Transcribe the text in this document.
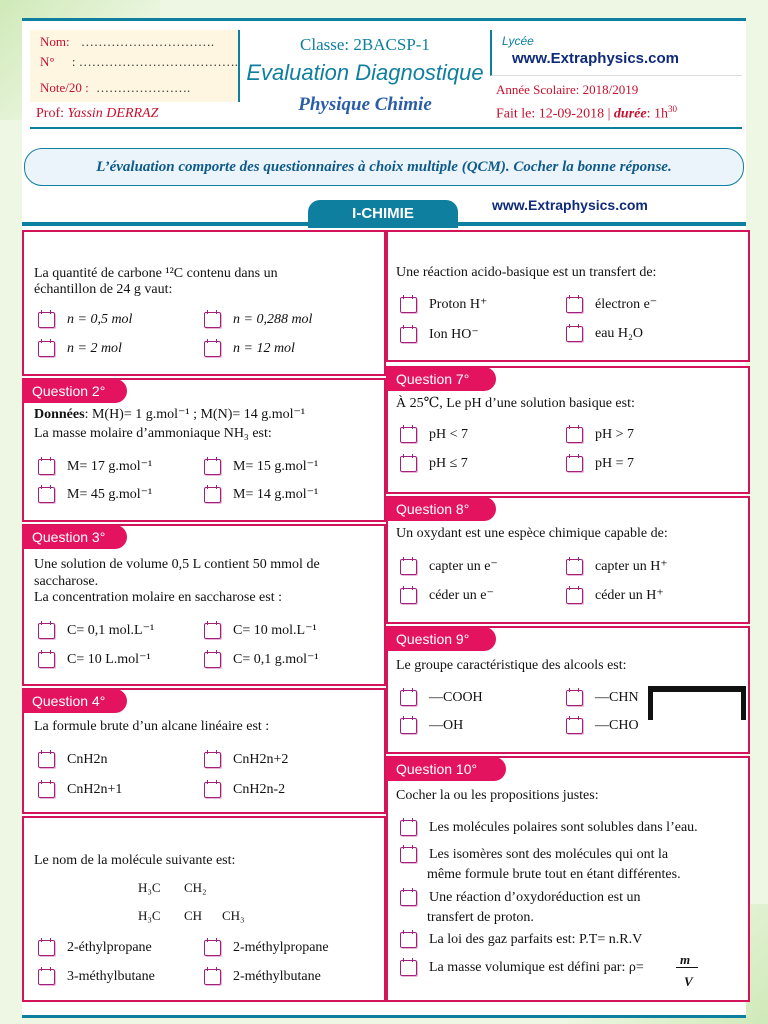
Nom: ………………………….
N° : ……………………………….
Note/20 : ………………….
Prof: Yassin DERRAZ
Classe: 2BACSP-1
Evaluation Diagnostique
Physique Chimie
Lycée
www.Extraphysics.com
Année Scolaire: 2018/2019
Fait le: 12-09-2018 | durée: $1h^{30}$
L’évaluation comporte des questionnaires à choix multiple (QCM). Cocher la bonne réponse.
I-CHIMIE	www.Extraphysics.com
La quantité de carbone ¹²C contenu dans un
échantillon de 24 g vaut:
n = 0,5 mol	n = 0,288 mol
n = 2 mol	n = 12 mol
Question 2°
Données: M(H)= 1 g.mol⁻¹ ; M(N)= 14 g.mol⁻¹
La masse molaire d’ammoniaque NH₃ est:
M= 17 g.mol⁻¹	M= 15 g.mol⁻¹
M= 45 g.mol⁻¹	M= 14 g.mol⁻¹
Question 3°
Une solution de volume 0,5 L contient 50 mmol de
saccharose.
La concentration molaire en saccharose est :
C= 0,1 mol.L⁻¹	C= 10 mol.L⁻¹
C= 10 L.mol⁻¹	C= 0,1 g.mol⁻¹
Question 4°
La formule brute d’un alcane linéaire est :
CnH2n	CnH2n+2
CnH2n+1	CnH2n-2
Le nom de la molécule suivante est:
H₃C CH₂
H₃C CH CH₃
2-éthylpropane	2-méthylpropane
3-méthylbutane	2-méthylbutane
Une réaction acido-basique est un transfert de:
Proton H⁺	électron e⁻
Ion HO⁻	eau H₂O
Question 7°
À 25℃, Le pH d’une solution basique est:
pH < 7	pH > 7
pH ≤ 7	pH = 7
Question 8°
Un oxydant est une espèce chimique capable de:
capter un e⁻	capter un H⁺
céder un e⁻	céder un H⁺
Question 9°
Le groupe caractéristique des alcools est:
—COOH	—CHN
—OH	—CHO
Question 10°
Cocher la ou les propositions justes:
Les molécules polaires sont solubles dans l’eau.
Les isomères sont des molécules qui ont la
même formule brute tout en étant différentes.
Une réaction d’oxydoréduction est un
transfert de proton.
La loi des gaz parfaits est: P.T= n.R.V
La masse volumique est défini par: ρ=
m
V
